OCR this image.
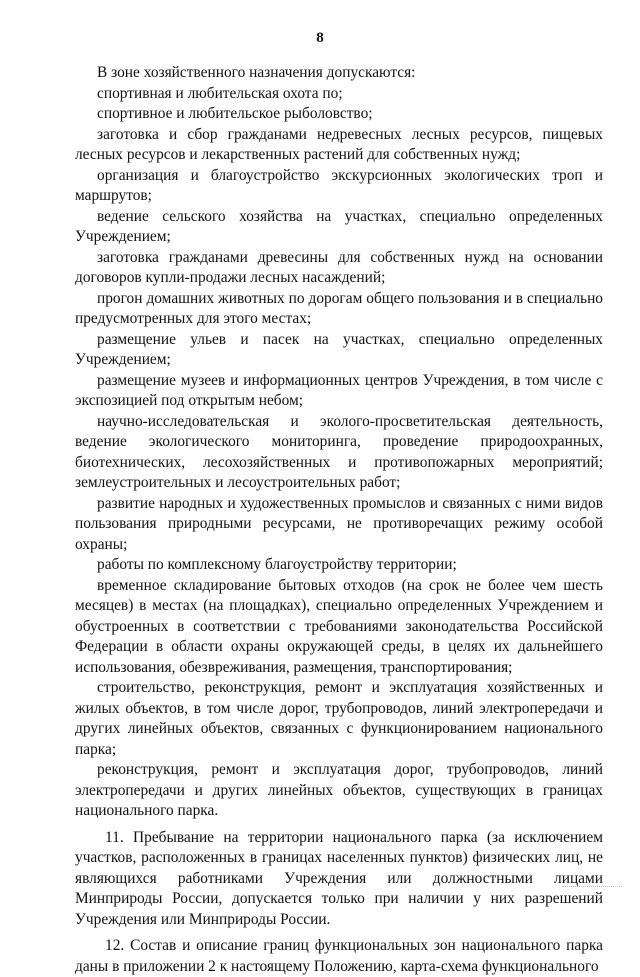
8

В зоне хозяйственного назначения допускаются:

спортивная и любительская охота по;

спортивное и любительское рыболовство;

заготовка и сбор гражданами недревесных лесных ресурсов, пищевых лесных ресурсов и лекарственных растений для собственных нужд;

организация и благоустройство экскурсионных экологических троп и маршрутов;

ведение сельского хозяйства на участках, специально определенных Учреждением;

заготовка гражданами древесины для собственных нужд на основании договоров купли-продажи лесных насаждений;

прогон домашних животных по дорогам общего пользования и в специально предусмотренных для этого местах;

размещение ульев и пасек на участках, специально определенных Учреждением;

размещение музеев и информационных центров Учреждения, в том числе с экспозицией под открытым небом;

научно-исследовательская и эколого-просветительская деятельность, ведение экологического мониторинга, проведение природоохранных, биотехнических, лесохозяйственных и противопожарных мероприятий; землеустроительных и лесоустроительных работ;

развитие народных и художественных промыслов и связанных с ними видов пользования природными ресурсами, не противоречащих режиму особой охраны;

работы по комплексному благоустройству территории;

временное складирование бытовых отходов (на срок не более чем шесть месяцев) в местах (на площадках), специально определенных Учреждением и обустроенных в соответствии с требованиями законодательства Российской Федерации в области охраны окружающей среды, в целях их дальнейшего использования, обезвреживания, размещения, транспортирования;

строительство, реконструкция, ремонт и эксплуатация хозяйственных и жилых объектов, в том числе дорог, трубопроводов, линий электропередачи и других линейных объектов, связанных с функционированием национального парка;

реконструкция, ремонт и эксплуатация дорог, трубопроводов, линий электропередачи и других линейных объектов, существующих в границах национального парка.

11. Пребывание на территории национального парка (за исключением участков, расположенных в границах населенных пунктов) физических лиц, не являющихся работниками Учреждения или должностными лицами Минприроды России, допускается только при наличии у них разрешений Учреждения или Минприроды России.

12. Состав и описание границ функциональных зон национального парка даны в приложении 2 к настоящему Положению, карта-схема функционального
